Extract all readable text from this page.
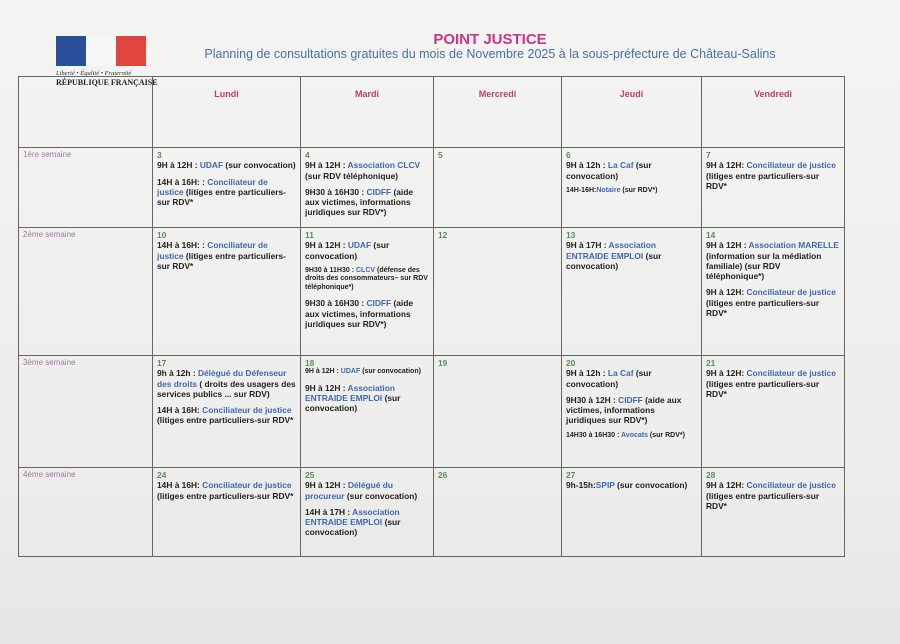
Liberté • Égalité • Fraternité
RÉPUBLIQUE FRANÇAISE
POINT JUSTICE
Planning de consultations gratuites du mois de Novembre 2025 à la sous-préfecture de Château-Salins
	Lundi	Mardi	Mercredi	Jeudi	Vendredi
1ère semaine	3
9H à 12H : UDAF (sur convocation)
14H à 16H: : Conciliateur de justice (litiges entre particuliers-sur RDV*	4
9H à 12H : Association CLCV (sur RDV téléphonique)
9H30 à 16H30 : CIDFF (aide aux victimes, informations juridiques sur RDV*)	5	6
9H à 12h : La Caf (sur convocation)
14H-16H:Notaire (sur RDV*)	7
9H à 12H: Conciliateur de justice (litiges entre particuliers-sur RDV*

2ème semaine	10
14H à 16H: : Conciliateur de justice (litiges entre particuliers-sur RDV*	11
9H à 12H : UDAF (sur convocation)
9H30 à 11H30 : CLCV (défense des droits des consommateurs– sur RDV téléphonique*)
9H30 à 16H30 : CIDFF (aide aux victimes, informations juridiques sur RDV*)	12	13
9H à 17H : Association ENTRAIDE EMPLOI (sur convocation)	14
9H à 12H : Association MARELLE (information sur la médiation familiale) (sur RDV téléphonique*)
9H à 12H: Conciliateur de justice (litiges entre particuliers-sur RDV*

3ème semaine	17
9h à 12h : Délégué du Défenseur des droits ( droits des usagers des services publics ... sur RDV)
14H à 16H: Conciliateur de justice (litiges entre particuliers-sur RDV*	18
9H à 12H : UDAF (sur convocation)
9H à 12H : Association ENTRAIDE EMPLOI (sur convocation)	19	20
9H à 12h : La Caf (sur convocation)
9H30 à 12H : CIDFF (aide aux victimes, informations juridiques sur RDV*)
14H30 à 16H30 : Avocats (sur RDV*)	21
9H à 12H: Conciliateur de justice (litiges entre particuliers-sur RDV*

4ème semaine	24
14H à 16H: Conciliateur de justice (litiges entre particuliers-sur RDV*	25
9H à 12H : Délégué du procureur (sur convocation)
14H à 17H : Association ENTRAIDE EMPLOI (sur convocation)	26	27
9h-15h:SPIP (sur convocation)	28
9H à 12H: Conciliateur de justice (litiges entre particuliers-sur RDV*
